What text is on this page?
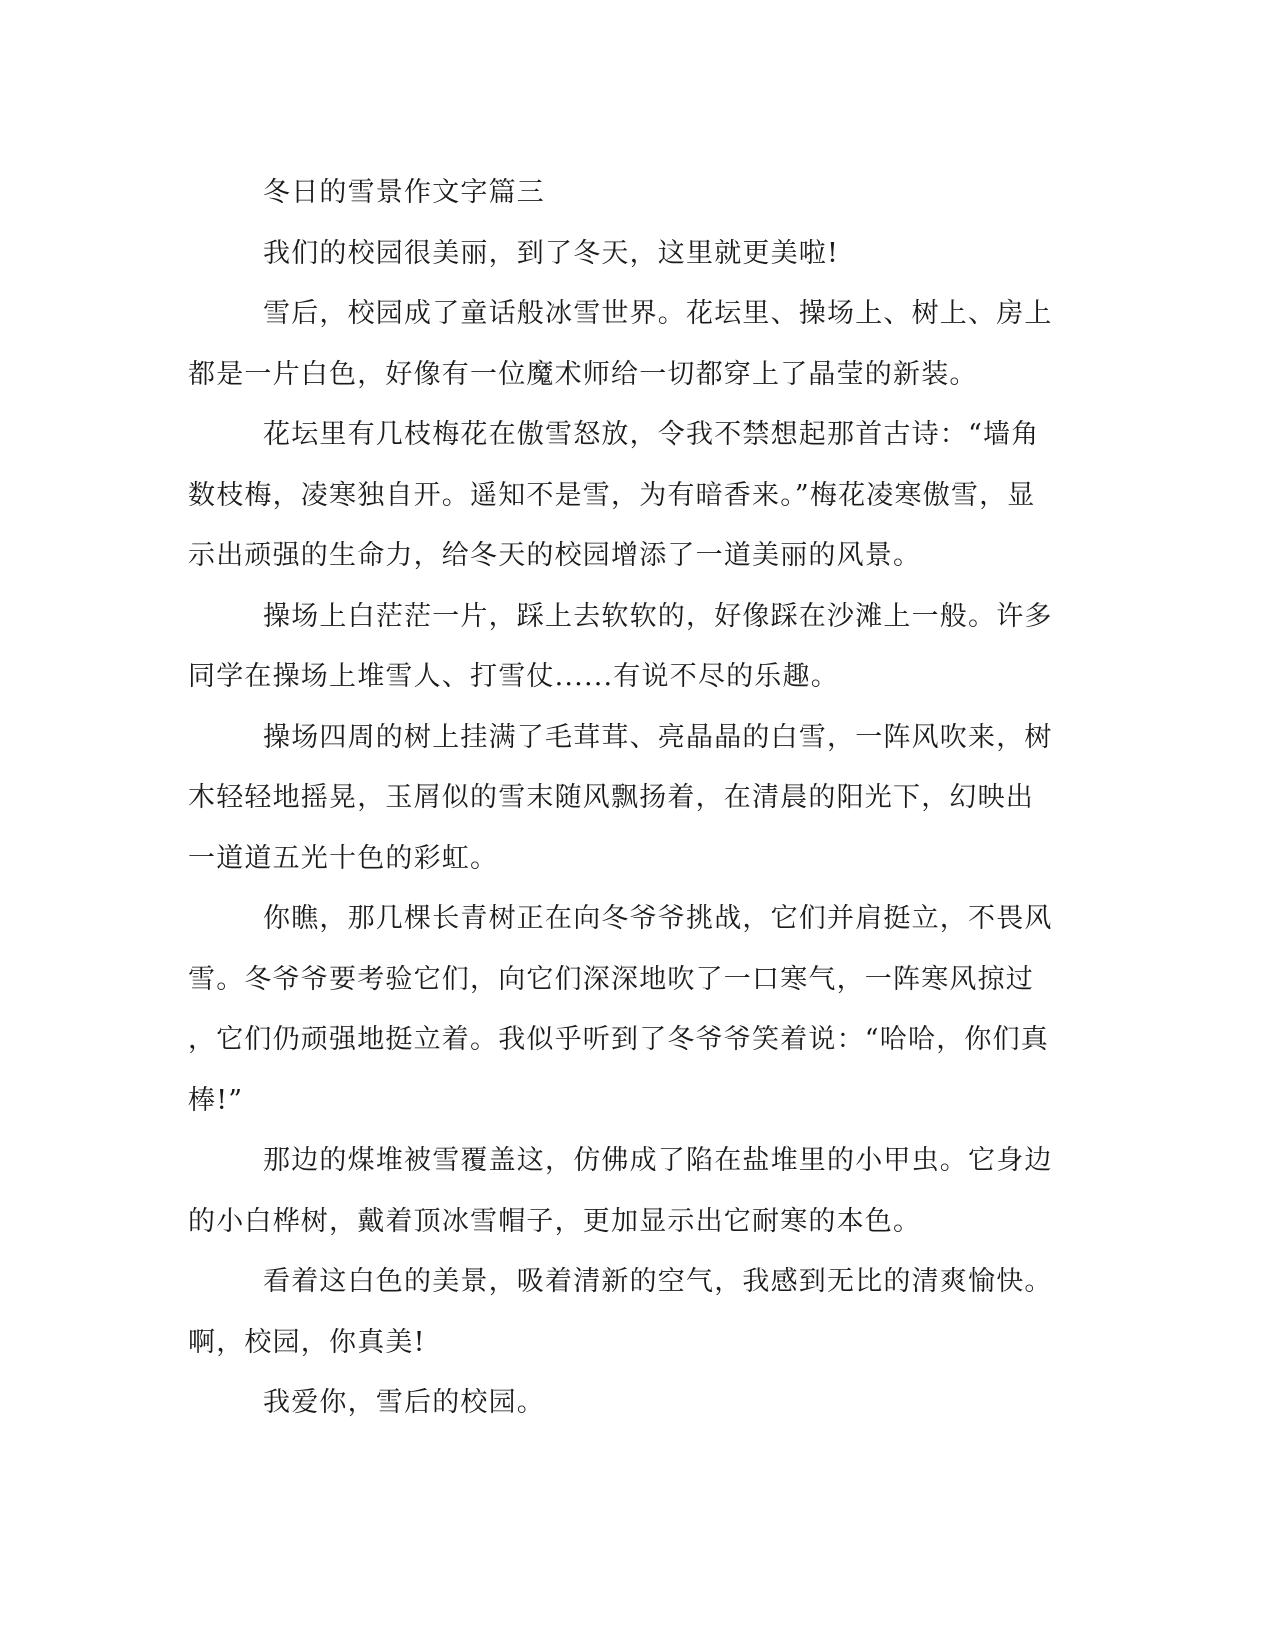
冬日的雪景作文字篇三
我们的校园很美丽，到了冬天，这里就更美啦!
雪后，校园成了童话般冰雪世界。花坛里、操场上、树上、房上
都是一片白色，好像有一位魔术师给一切都穿上了晶莹的新装。
花坛里有几枝梅花在傲雪怒放，令我不禁想起那首古诗：“墙角
数枝梅，凌寒独自开。遥知不是雪，为有暗香来。”梅花凌寒傲雪，显
示出顽强的生命力，给冬天的校园增添了一道美丽的风景。
操场上白茫茫一片，踩上去软软的，好像踩在沙滩上一般。许多
同学在操场上堆雪人、打雪仗......有说不尽的乐趣。
操场四周的树上挂满了毛茸茸、亮晶晶的白雪，一阵风吹来，树
木轻轻地摇晃，玉屑似的雪末随风飘扬着，在清晨的阳光下，幻映出
一道道五光十色的彩虹。
你瞧，那几棵长青树正在向冬爷爷挑战，它们并肩挺立，不畏风
雪。冬爷爷要考验它们，向它们深深地吹了一口寒气，一阵寒风掠过
，它们仍顽强地挺立着。我似乎听到了冬爷爷笑着说：“哈哈，你们真
棒!”
那边的煤堆被雪覆盖这，仿佛成了陷在盐堆里的小甲虫。它身边
的小白桦树，戴着顶冰雪帽子，更加显示出它耐寒的本色。
看着这白色的美景，吸着清新的空气，我感到无比的清爽愉快。
啊，校园，你真美!
我爱你，雪后的校园。
